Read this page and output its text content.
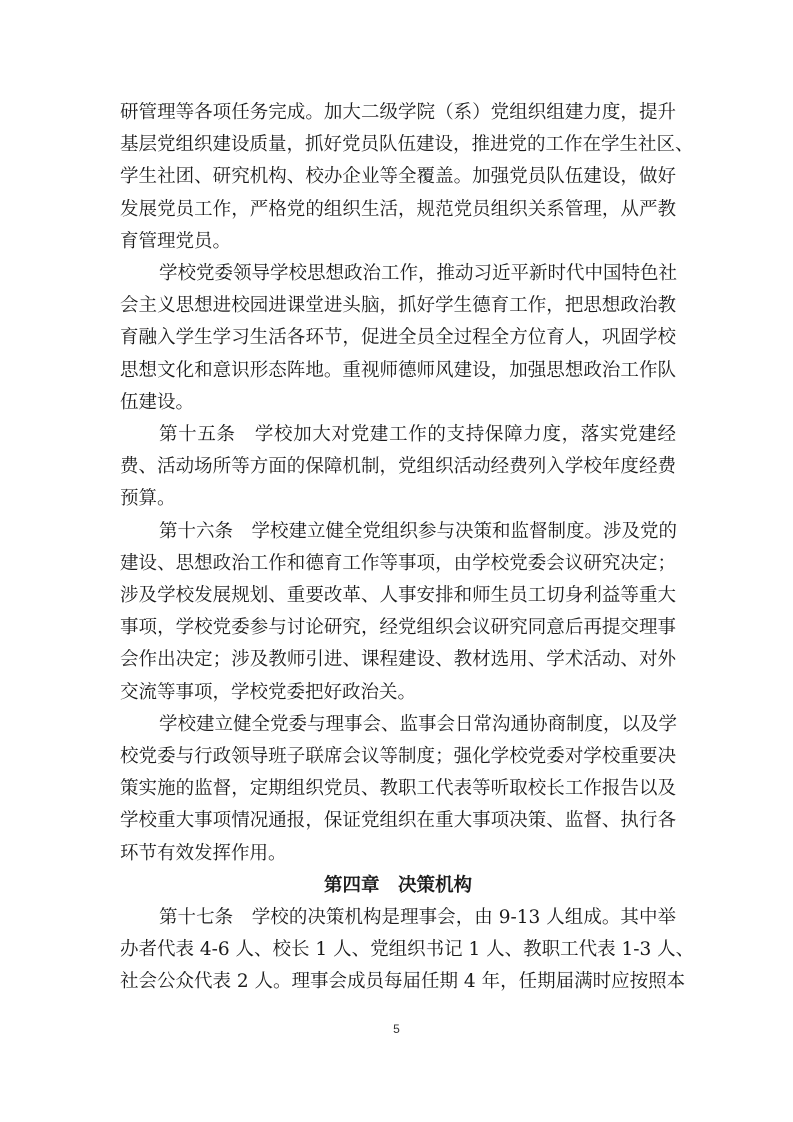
研管理等各项任务完成。加大二级学院（系）党组织组建力度，提升
基层党组织建设质量，抓好党员队伍建设，推进党的工作在学生社区、
学生社团、研究机构、校办企业等全覆盖。加强党员队伍建设，做好
发展党员工作，严格党的组织生活，规范党员组织关系管理，从严教
育管理党员。
学校党委领导学校思想政治工作，推动习近平新时代中国特色社
会主义思想进校园进课堂进头脑，抓好学生德育工作，把思想政治教
育融入学生学习生活各环节，促进全员全过程全方位育人，巩固学校
思想文化和意识形态阵地。重视师德师风建设，加强思想政治工作队
伍建设。
第十五条　学校加大对党建工作的支持保障力度，落实党建经
费、活动场所等方面的保障机制，党组织活动经费列入学校年度经费
预算。
第十六条　学校建立健全党组织参与决策和监督制度。涉及党的
建设、思想政治工作和德育工作等事项，由学校党委会议研究决定；
涉及学校发展规划、重要改革、人事安排和师生员工切身利益等重大
事项，学校党委参与讨论研究，经党组织会议研究同意后再提交理事
会作出决定；涉及教师引进、课程建设、教材选用、学术活动、对外
交流等事项，学校党委把好政治关。
学校建立健全党委与理事会、监事会日常沟通协商制度，以及学
校党委与行政领导班子联席会议等制度；强化学校党委对学校重要决
策实施的监督，定期组织党员、教职工代表等听取校长工作报告以及
学校重大事项情况通报，保证党组织在重大事项决策、监督、执行各
环节有效发挥作用。
第四章　决策机构
第十七条　学校的决策机构是理事会，由 9-13 人组成。其中举
办者代表 4-6 人、校长 1 人、党组织书记 1 人、教职工代表 1-3 人、
社会公众代表 2 人。理事会成员每届任期 4 年，任期届满时应按照本
5
